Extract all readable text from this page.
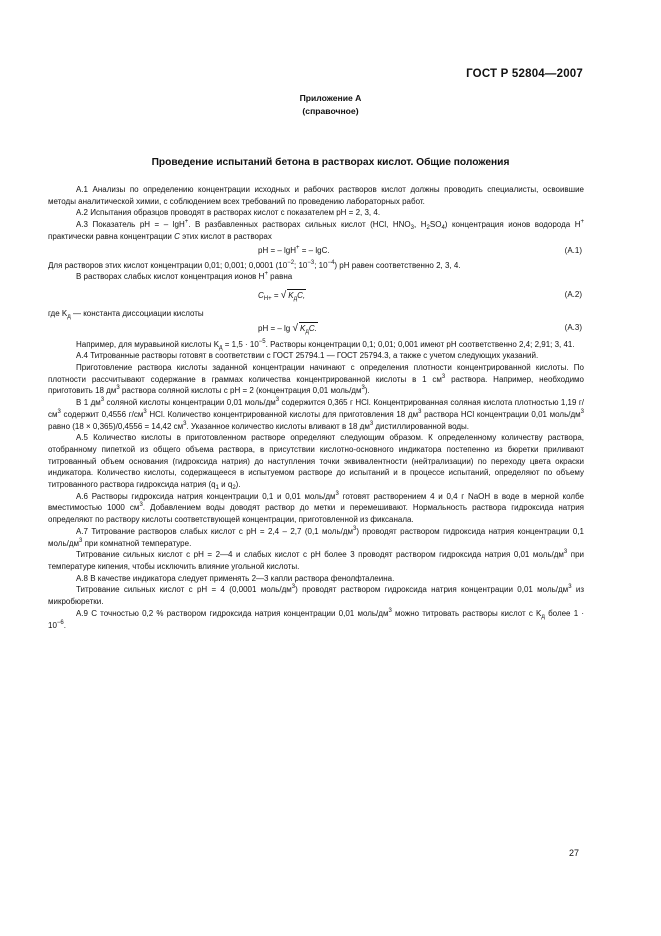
ГОСТ Р 52804—2007
Приложение А
(справочное)
Проведение испытаний бетона в растворах кислот. Общие положения

А.1 Анализы по определению концентрации исходных и рабочих растворов кислот должны проводить специалисты, освоившие методы аналитической химии, с соблюдением всех требований по проведению лабораторных работ.

А.2 Испытания образцов проводят в растворах кислот с показателем pH = 2, 3, 4.

А.3 Показатель pH = – lgH+. В разбавленных растворах сильных кислот (HCl, $HNO_3$, $H_2SO_4$) концентрация ионов водорода H+ практически равна концентрации C этих кислот в растворах

pH = – lgH+ = – lgC.	(A.1)

Для растворов этих кислот концентрации 0,01; 0,001; 0,0001 ($10^{-2}$; $10^{-3}$; $10^{-4}$) pH равен соответственно 2, 3, 4.

В растворах слабых кислот концентрация ионов H+ равна

$C_{H+}$ = √ $K_дC$,	(A.2)

где $K_д$ — константа диссоциации кислоты

pH = – lg √ $K_дC$.	(A.3)

Например, для муравьиной кислоты $K_д = 1,5 \cdot 10^{-5}$. Растворы концентрации 0,1; 0,01; 0,001 имеют pH соответственно 2,4; 2,91; 3, 41.

А.4 Титрованные растворы готовят в соответствии с ГОСТ 25794.1 — ГОСТ 25794.3, а также с учетом следующих указаний.

Приготовление раствора кислоты заданной концентрации начинают с определения плотности концентрированной кислоты. По плотности рассчитывают содержание в граммах количества концентрированной кислоты в 1 $см^3$ раствора. Например, необходимо приготовить 18 $дм^3$ раствора соляной кислоты с pH = 2 (концентрация 0,01 моль/$дм^3$).

В 1 $дм^3$ соляной кислоты концентрации 0,01 моль/$дм^3$ содержится 0,365 г HCl. Концентрированная соляная кислота плотностью 1,19 $г/см^3$ содержит 0,4556 $г/см^3$ HCl. Количество концентрированной кислоты для приготовления 18 $дм^3$ раствора HCl концентрации 0,01 моль/$дм^3$ равно (18 × 0,365)/0,4556 = 14,42 $см^3$. Указанное количество кислоты вливают в 18 $дм^3$ дистиллированной воды.

А.5 Количество кислоты в приготовленном растворе определяют следующим образом. К определенному количеству раствора, отобранному пипеткой из общего объема раствора, в присутствии кислотно-основного индикатора постепенно из бюретки приливают титрованный объем основания (гидроксида натрия) до наступления точки эквивалентности (нейтрализации) по переходу цвета окраски индикатора. Количество кислоты, содержащееся в испытуемом растворе до испытаний и в процессе испытаний, определяют по объему титрованного раствора гидроксида натрия ($q_1$ и $q_2$).

А.6 Растворы гидроксида натрия концентрации 0,1 и 0,01 моль/$дм^3$ готовят растворением 4 и 0,4 г NaOH в воде в мерной колбе вместимостью 1000 $см^3$. Добавлением воды доводят раствор до метки и перемешивают. Нормальность раствора гидроксида натрия определяют по раствору кислоты соответствующей концентрации, приготовленной из фиксанала.

А.7 Титрование растворов слабых кислот с pH = 2,4 – 2,7 (0,1 моль/$дм^3$) проводят раствором гидроксида натрия концентрации 0,1 моль/$дм^3$ при комнатной температуре.

Титрование сильных кислот с pH = 2—4 и слабых кислот с pH более 3 проводят раствором гидроксида натрия 0,01 моль/$дм^3$ при температуре кипения, чтобы исключить влияние угольной кислоты.

А.8 В качестве индикатора следует применять 2—3 капли раствора фенолфталеина.

Титрование сильных кислот с pH = 4 (0,0001 моль/$дм^3$) проводят раствором гидроксида натрия концентрации 0,01 моль/$дм^3$ из микробюретки.

А.9 С точностью 0,2 % раствором гидроксида натрия концентрации 0,01 моль/$дм^3$ можно титровать растворы кислот с $K_д$ более $1 \cdot 10^{-6}$.

27
